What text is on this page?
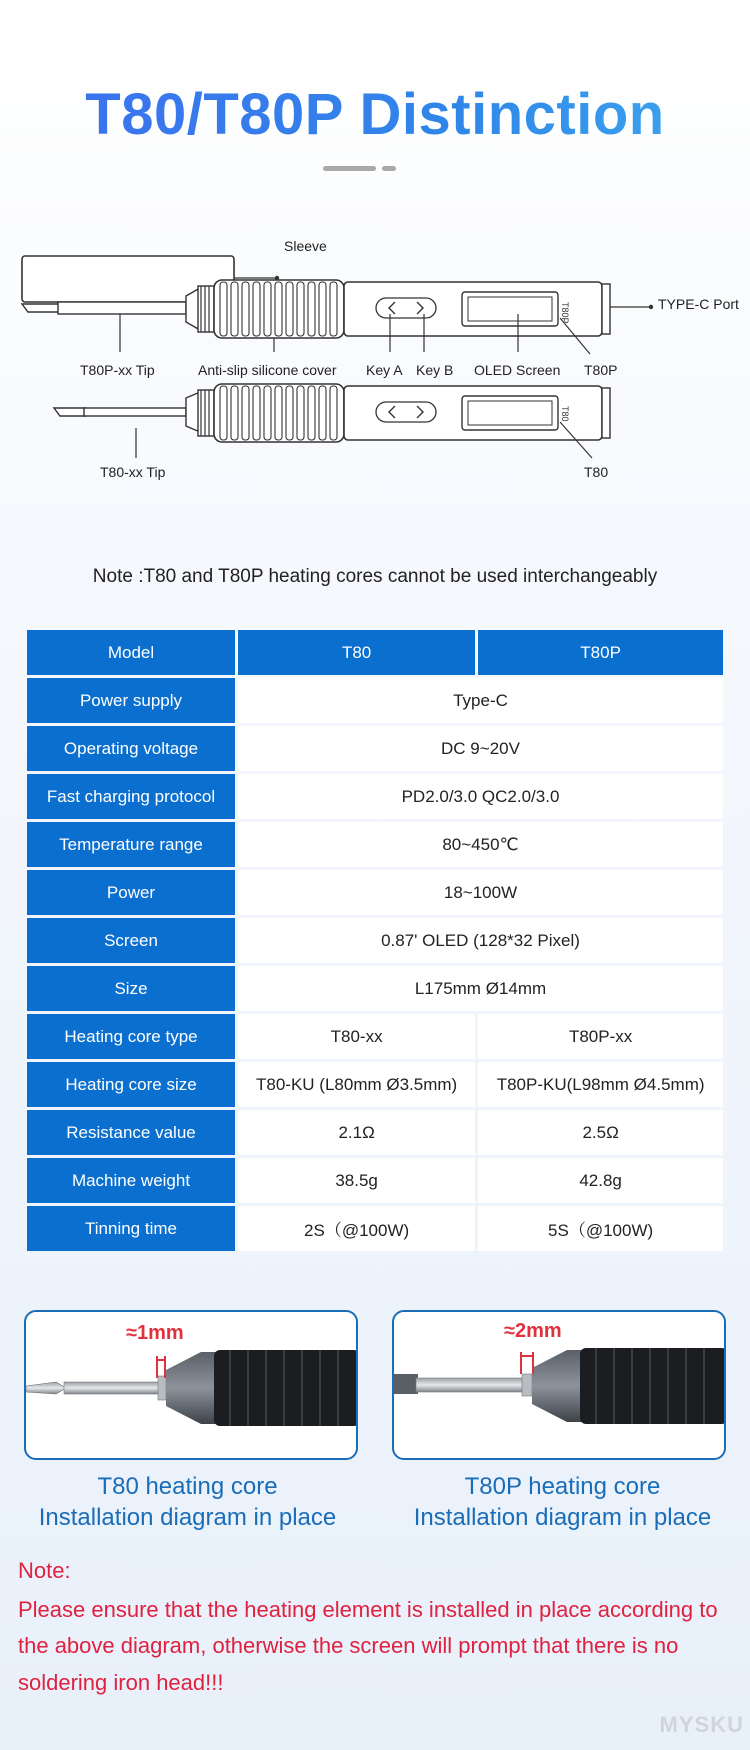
T80/T80P Distinction
T80P
T80
Sleeve
TYPE-C Port
T80P-xx Tip	Anti-slip silicone cover Key A Key B OLED Screen T80P
T80-xx Tip	T80
Note :T80 and T80P heating cores cannot be used interchangeably
Model	T80	T80P
Power supply	Type-C	
Operating voltage	DC 9~20V	
Fast charging protocol	PD2.0/3.0 QC2.0/3.0	
Temperature range	80~450℃	
Power	18~100W	
Screen	0.87' OLED (128*32 Pixel)	
Size	L175mm Ø14mm	
Heating core type	T80-xx	T80P-xx
Heating core size	T80-KU (L80mm Ø3.5mm)	T80P-KU(L98mm Ø4.5mm)
Resistance value	2.1Ω	2.5Ω
Machine weight	38.5g	42.8g
Tinning time	2S（@100W)	5S（@100W)
≈1mm	≈2mm
T80 heating core
Installation diagram in place
T80P heating core
Installation diagram in place
Note:
Please ensure that the heating element is installed in place according to the above diagram, otherwise the screen will prompt that there is no soldering iron head!!!
MYSKU
